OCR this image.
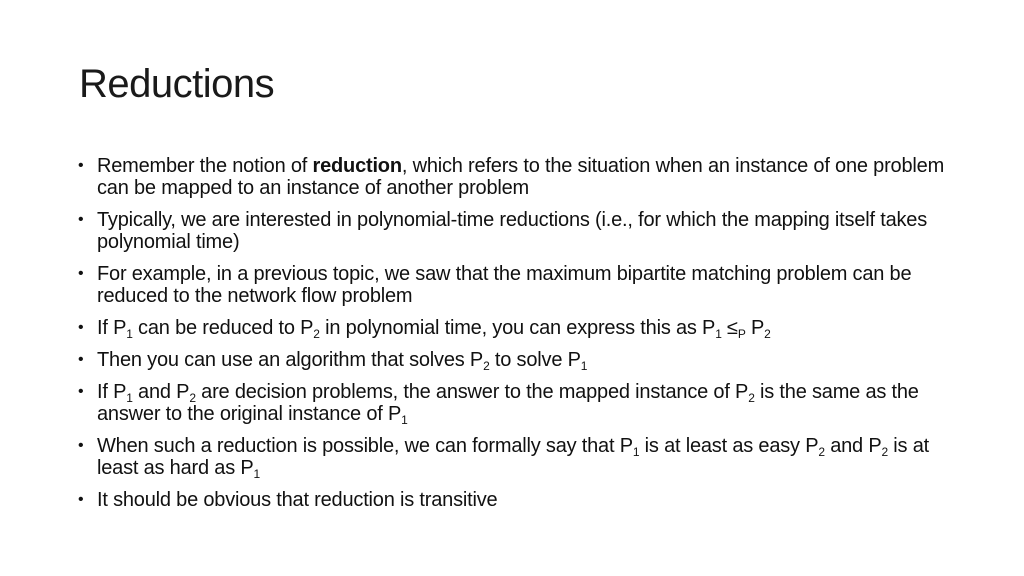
Reductions
• Remember the notion of reduction, which refers to the situation when an instance of one problem can be mapped to an instance of another problem
• Typically, we are interested in polynomial-time reductions (i.e., for which the mapping itself takes polynomial time)
• For example, in a previous topic, we saw that the maximum bipartite matching problem can be reduced to the network flow problem
• If $P_1$ can be reduced to $P_2$ in polynomial time, you can express this as $P_1 \le_P$ $P_2$
• Then you can use an algorithm that solves $P_2$ to solve $P_1$
• If $P_1$ and $P_2$ are decision problems, the answer to the mapped instance of $P_2$ is the same as the answer to the original instance of $P_1$
• When such a reduction is possible, we can formally say that $P_1$ is at least as easy $P_2$ and $P_2$ is at least as hard as $P_1$
• It should be obvious that reduction is transitive
